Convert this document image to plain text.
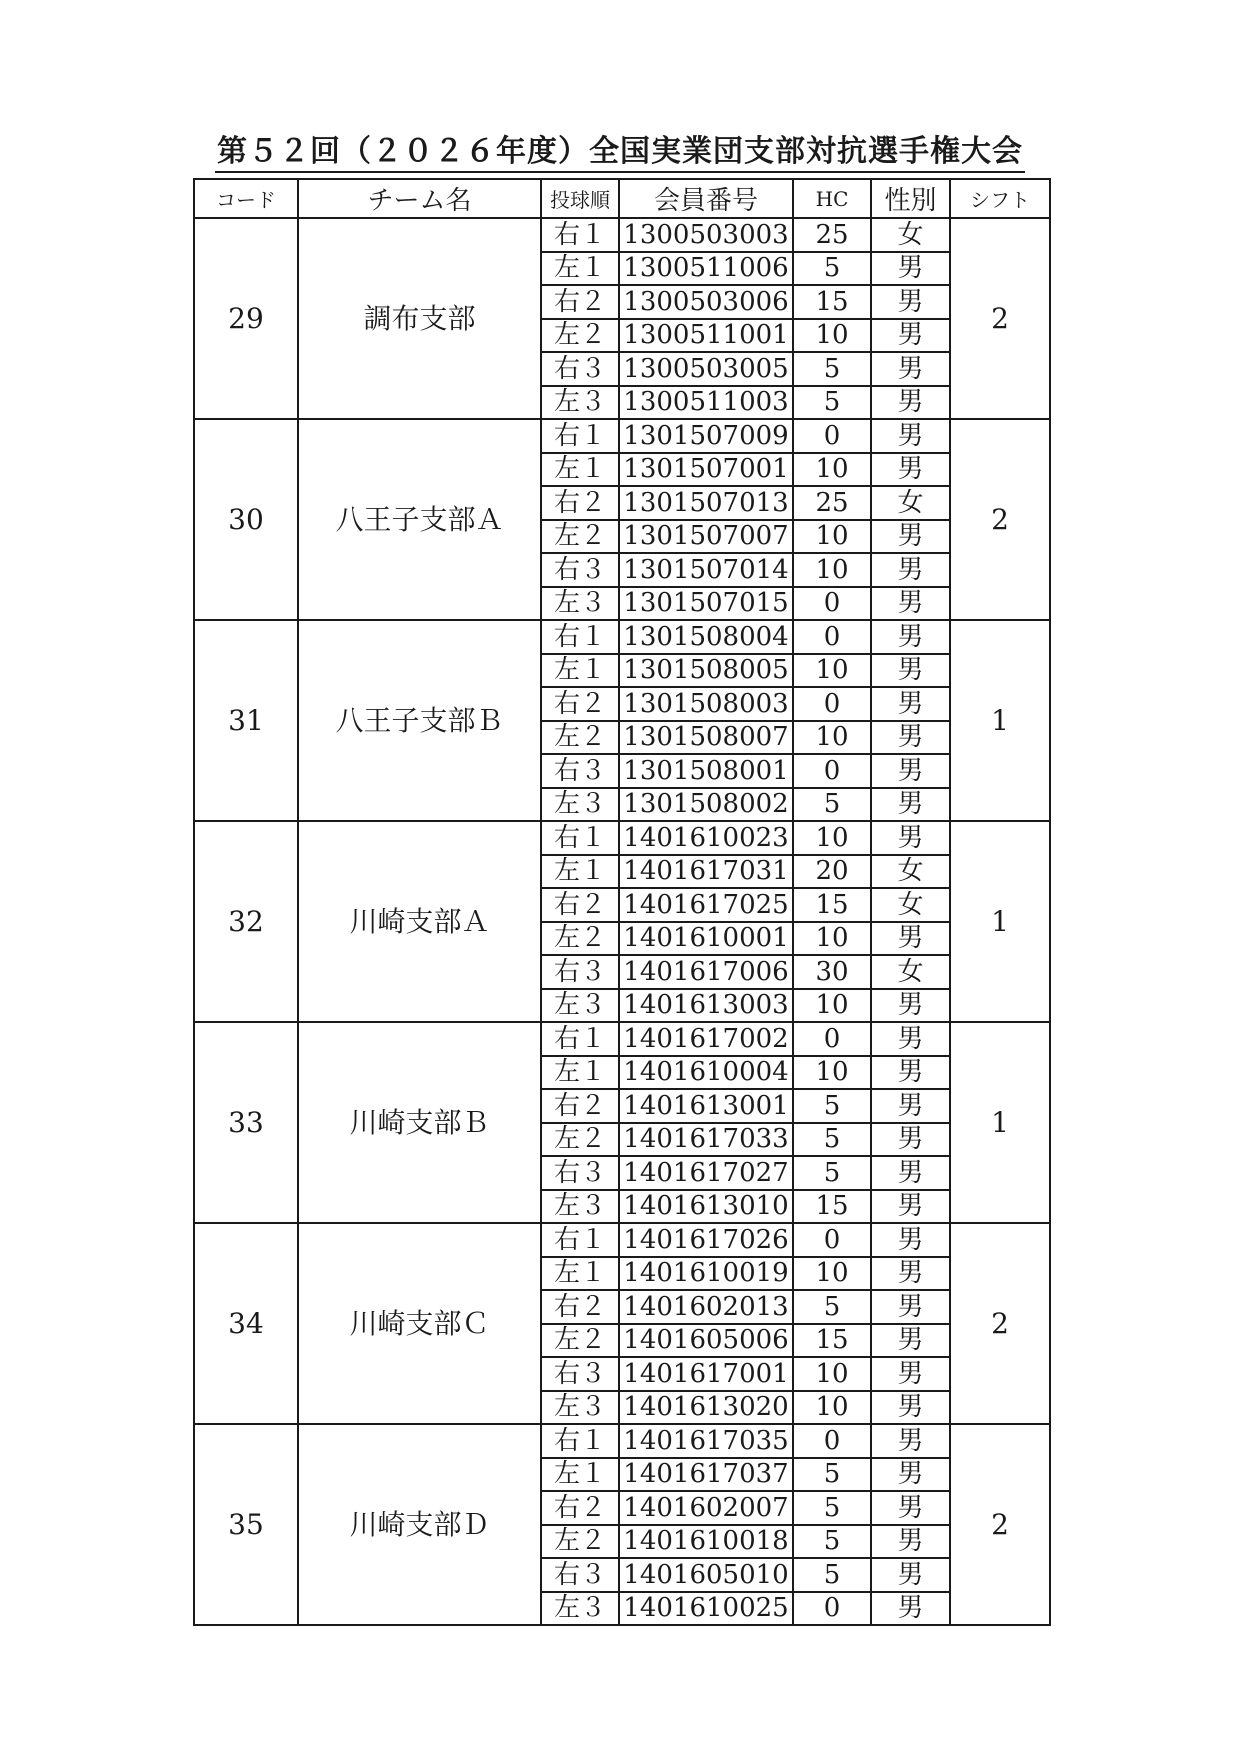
第５２回（２０２６年度）全国実業団支部対抗選手権大会
コード	チーム名	投球順	会員番号	HC	性別	シフト
29	調布支部	右１	1300503003	25	女	2
		左１	1300511006	5	男	
		右２	1300503006	15	男	
		左２	1300511001	10	男	
		右３	1300503005	5	男	
		左３	1300511003	5	男	
30	八王子支部Ａ	右１	1301507009	0	男	2
		左１	1301507001	10	男	
		右２	1301507013	25	女	
		左２	1301507007	10	男	
		右３	1301507014	10	男	
		左３	1301507015	0	男	
31	八王子支部Ｂ	右１	1301508004	0	男	1
		左１	1301508005	10	男	
		右２	1301508003	0	男	
		左２	1301508007	10	男	
		右３	1301508001	0	男	
		左３	1301508002	5	男	
32	川崎支部Ａ	右１	1401610023	10	男	1
		左１	1401617031	20	女	
		右２	1401617025	15	女	
		左２	1401610001	10	男	
		右３	1401617006	30	女	
		左３	1401613003	10	男	
33	川崎支部Ｂ	右１	1401617002	0	男	1
		左１	1401610004	10	男	
		右２	1401613001	5	男	
		左２	1401617033	5	男	
		右３	1401617027	5	男	
		左３	1401613010	15	男	
34	川崎支部Ｃ	右１	1401617026	0	男	2
		左１	1401610019	10	男	
		右２	1401602013	5	男	
		左２	1401605006	15	男	
		右３	1401617001	10	男	
		左３	1401613020	10	男	
35	川崎支部Ｄ	右１	1401617035	0	男	2
		左１	1401617037	5	男	
		右２	1401602007	5	男	
		左２	1401610018	5	男	
		右３	1401605010	5	男	
		左３	1401610025	0	男	
